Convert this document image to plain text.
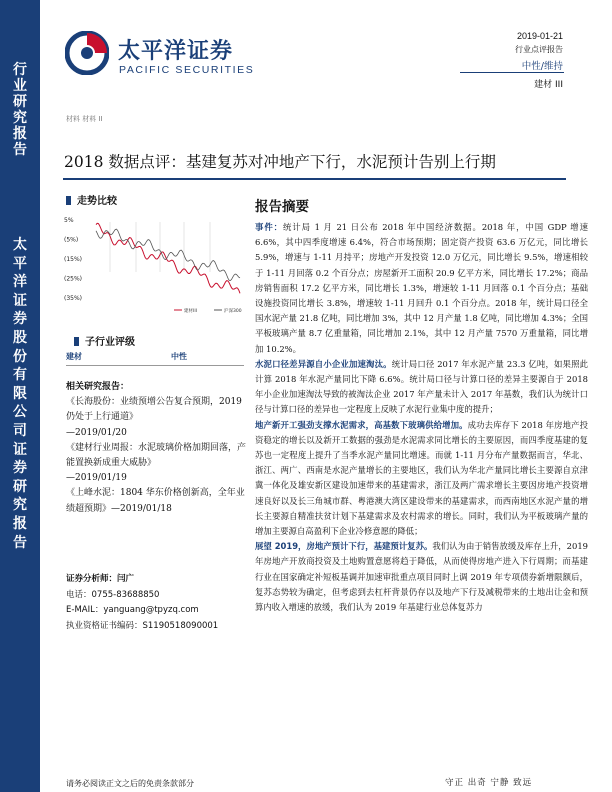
行
业
研
究
报
告
太
平
洋
证
券
股
份
有
限
公
司
证
券
研
究
报
告
太平洋证券
PACIFIC SECURITIES
2019-01-21
行业点评报告
中性/维持
建材 III
材料 材料 II
2018 数据点评：基建复苏对冲地产下行，水泥预计告别上行期
走势比较
5%
(5%)
(15%)
(25%)
(35%)
建材III	沪深300
子行业评级
建材	中性
相关研究报告：
《长海股份：业绩预增公告复合预期，2019 仍处于上行通道》
—2019/01/20
《建材行业周报：水泥玻璃价格加期回落，产能置换新成重大威胁》
—2019/01/19
《上峰水泥：1804 华东价格创新高，全年业绩超预期》—2019/01/18
证券分析师：闫广
电话：0755-83688850
E-MAIL：yanguang@tpyzq.com
执业资格证书编码：S1190518090001
报告摘要

事件：统计局 1 月 21 日公布 2018 年中国经济数据。2018 年，中国 GDP 增速 6.6%，其中四季度增速 6.4%，符合市场预期；固定资产投资 63.6 万亿元，同比增长 5.9%，增速与 1-11 月持平；房地产开发投资 12.0 万亿元，同比增长 9.5%，增速相较于 1-11 月回落 0.2 个百分点；房屋新开工面积 20.9 亿平方米，同比增长 17.2%；商品房销售面积 17.2 亿平方米，同比增长 1.3%，增速较 1-11 月回落 0.1 个百分点；基础设施投资同比增长 3.8%，增速较 1-11 月回升 0.1 个百分点。2018 年，统计局口径全国水泥产量 21.8 亿吨，同比增加 3%，其中 12 月产量 1.8 亿吨，同比增加 4.3%；全国平板玻璃产量 8.7 亿重量箱，同比增加 2.1%，其中 12 月产量 7570 万重量箱，同比增加 10.2%。

水泥口径差异源自小企业加速淘汰。统计局口径 2017 年水泥产量 23.3 亿吨，如果照此计算 2018 年水泥产量同比下降 6.6%。统计局口径与计算口径的差异主要源自于 2018 年小企业加速淘汰导致的被淘汰企业 2017 年产量未计入 2017 年基数，我们认为统计口径与计算口径的差异也一定程度上反映了水泥行业集中度的提升；

地产新开工强劲支撑水泥需求，高基数下玻璃供给增加。成功去库存下 2018 年房地产投资稳定的增长以及新开工数据的强劲是水泥需求同比增长的主要原因，而四季度基建的复苏也一定程度上提升了当季水泥产量同比增速。而就 1-11 月分布产量数据而言，华北、浙江、两广、西南是水泥产量增长的主要地区，我们认为华北产量同比增长主要源自京津冀一体化及雄安新区建设加速带来的基建需求，浙江及两广需求增长主要因房地产投资增速良好以及长三角城市群、粤港澳大湾区建设带来的基建需求，而西南地区水泥产量的增长主要源自精准扶贫计划下基建需求及农村需求的增长。同时，我们认为平板玻璃产量的增加主要源自高盈利下企业冷修意愿的降低；

展望 2019，房地产预计下行，基建预计复苏。我们认为由于销售放缓及库存上升，2019 年房地产开放商投资及土地购置意愿将趋于降低，从而使得房地产进入下行周期；而基建行业在国家确定补短板基调并加速审批重点项目同时上调 2019 年专项债券新增限额后，复苏态势较为确定，但考虑到去杠杆背景仍存以及地产下行及减税带来的土地出让金和预算内收入增速的放缓，我们认为 2019 年基建行业总体复苏力

请务必阅读正文之后的免责条款部分	守正 出奇 宁静 致远
